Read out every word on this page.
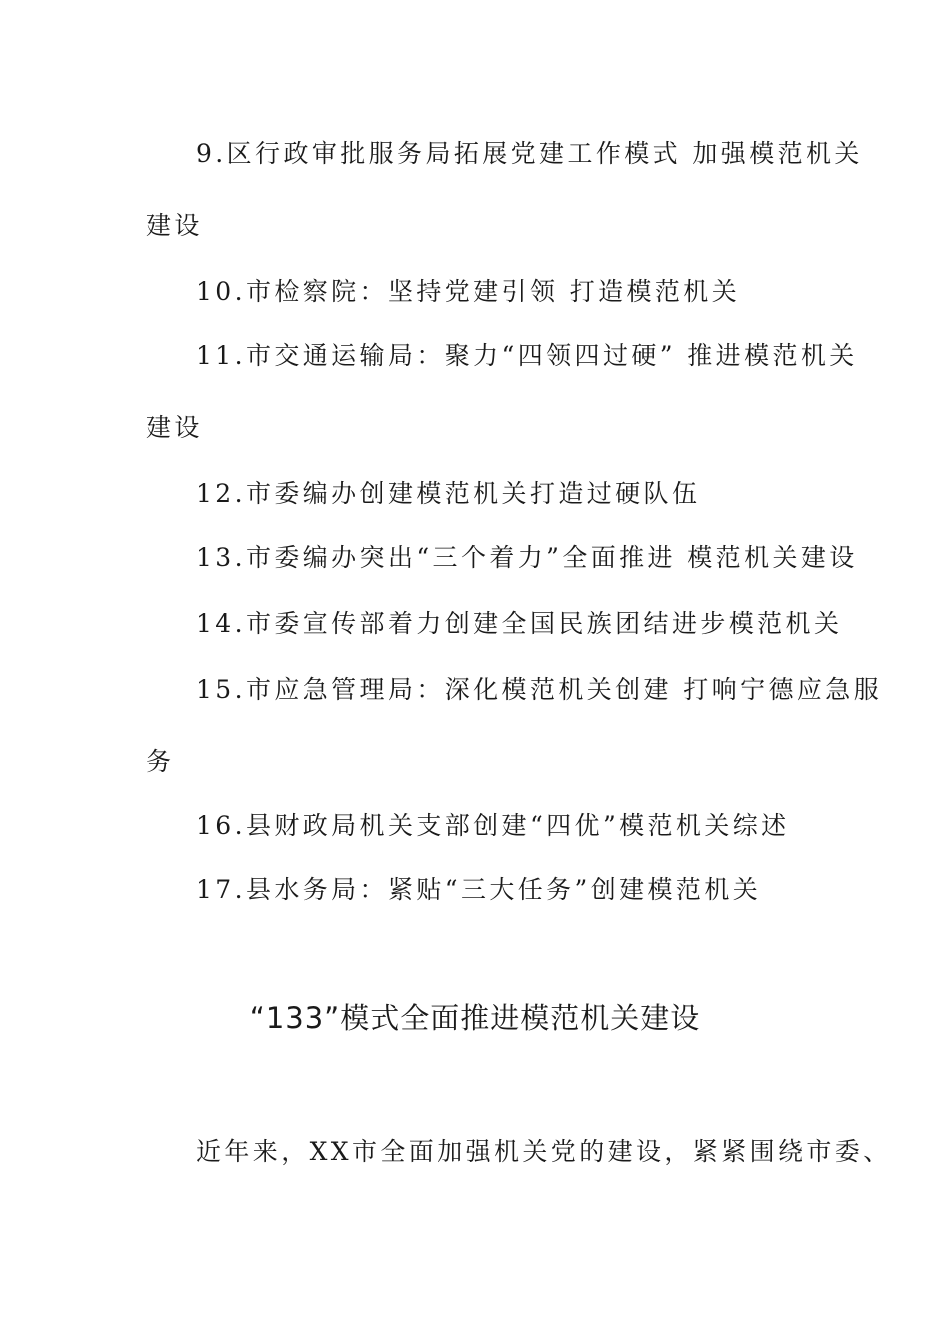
9.区行政审批服务局拓展党建工作模式 加强模范机关

建设

10.市检察院：坚持党建引领 打造模范机关

11.市交通运输局：聚力“四领四过硬” 推进模范机关

建设

12.市委编办创建模范机关打造过硬队伍

13.市委编办突出“三个着力”全面推进 模范机关建设

14.市委宣传部着力创建全国民族团结进步模范机关

15.市应急管理局：深化模范机关创建 打响宁德应急服

务

16.县财政局机关支部创建“四优”模范机关综述

17.县水务局：紧贴“三大任务”创建模范机关

“133”模式全面推进模范机关建设

近年来，XX市全面加强机关党的建设，紧紧围绕市委、
